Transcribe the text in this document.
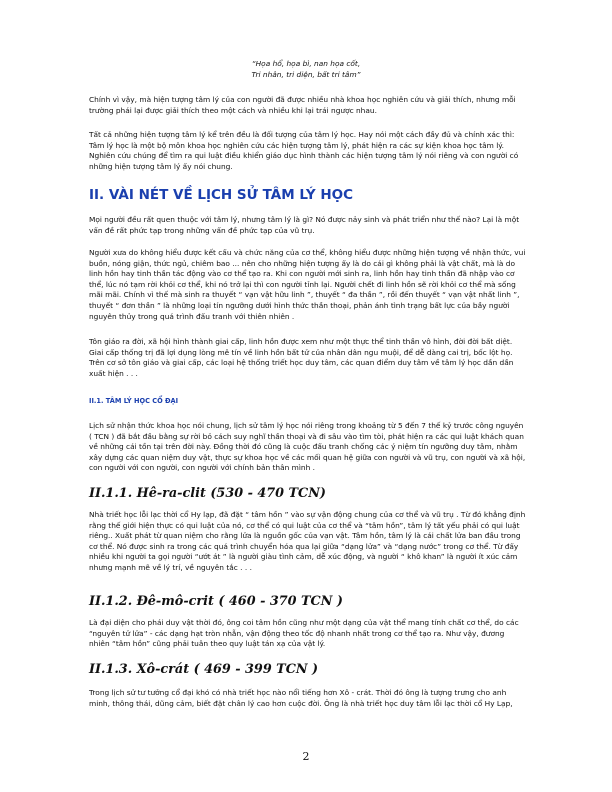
“Họa hổ, họa bì, nan họa cốt,
Tri nhân, tri diện, bất tri tâm”

Chính vì vậy, mà hiện tượng tâm lý của con người đã được nhiều nhà khoa học nghiên cứu và giải thích, nhưng mỗi trường phái lại được giải thích theo một cách và nhiều khi lại trái ngược nhau.

Tất cả những hiện tượng tâm lý kể trên đều là đối tượng của tâm lý học. Hay nói một cách đầy đủ và chính xác thì: Tâm lý học là một bộ môn khoa học nghiên cứu các hiện tượng tâm lý, phát hiện ra các sự kiện khoa học tâm lý. Nghiên cứu chúng để tìm ra qui luật điều khiển giáo dục hình thành các hiện tượng tâm lý nói riêng và con người có những hiện tượng tâm lý ấy nói chung.

II. VÀI NÉT VỀ LỊCH SỬ TÂM LÝ HỌC

Mọi người đều rất quen thuộc với tâm lý, nhưng tâm lý là gì? Nó được nảy sinh và phát triển như thế nào? Lại là một vấn đề rất phức tạp trong những vấn đề phức tạp của vũ trụ.

Người xưa do không hiểu được kết cấu và chức năng của cơ thể, không hiểu được những hiện tượng về nhận thức, vui buồn, nóng giận, thức ngủ, chiêm bao ... nên cho những hiện tượng ấy là do cái gì không phải là vật chất, mà là do linh hồn hay tinh thần tác động vào cơ thể tạo ra. Khi con người mới sinh ra, linh hồn hay tinh thần đã nhập vào cơ thể, lúc nó tạm rời khỏi cơ thể, khi nó trở lại thì con người tỉnh lại. Người chết đi linh hồn sẽ rời khỏi cơ thể mà sống mãi mãi. Chính vì thế mà sinh ra thuyết “ vạn vật hữu linh ”, thuyết “ đa thần ”, rồi đến thuyết “ vạn vật nhất linh ”, thuyết “ đơn thần ” là những loại tín ngưỡng dưới hình thức thần thoại, phản ánh tình trạng bất lực của bầy người nguyên thủy trong quá trình đấu tranh với thiên nhiên .

Tôn giáo ra đời, xã hội hình thành giai cấp, linh hồn được xem như một thực thể tinh thần vô hình, đời đời bất diệt. Giai cấp thống trị đã lợi dụng lòng mê tín về linh hồn bất tử của nhân dân ngu muội, để dễ dàng cai trị, bốc lột họ. Trên cơ sở tôn giáo và giai cấp, các loại hệ thống triết học duy tâm, các quan điểm duy tâm về tâm lý học dần dần xuất hiện . . .

II.1. TÂM LÝ HỌC CỔ ĐẠI

Lịch sử nhận thức khoa học nói chung, lịch sử tâm lý học nói riêng trong khoảng từ 5 đến 7 thế kỷ trước công nguyên ( TCN ) đã bắt đầu bằng sự rời bỏ cách suy nghĩ thần thoại và đi sâu vào tìm tòi, phát hiện ra các qui luật khách quan về những cái tồn tại trên đời này. Đồng thời đó cũng là cuộc đấu tranh chống các ý niệm tín ngưỡng duy tâm, nhằm xây dựng các quan niệm duy vật, thực sự khoa học về các mối quan hệ giữa con người và vũ trụ, con người và xã hội, con người với con người, con người với chính bản thân mình .

II.1.1. Hê-ra-clit (530 - 470 TCN)

Nhà triết học lỗi lạc thời cổ Hy lạp, đã đặt “ tâm hồn ” vào sự vận động chung của cơ thể và vũ trụ . Từ đó khẳng định rằng thế giới hiện thực có qui luật của nó, cơ thể có qui luật của cơ thể và “tâm hồn”, tâm lý tất yếu phải có qui luật riêng.. Xuất phát từ quan niệm cho rằng lửa là nguồn gốc của vạn vật. Tâm hồn, tâm lý là cái chất lửa ban đầu trong cơ thể. Nó được sinh ra trong các quá trình chuyển hóa qua lại giữa “dạng lửa” và “dạng nước” trong cơ thể. Từ đấy nhiều khi người ta gọi người “ướt át ” là người giàu tình cảm, dễ xúc động, và người “ khô khan” là người ít xúc cảm nhưng mạnh mẽ về lý trí, về nguyên tắc . . .

II.1.2. Đê-mô-crit ( 460 - 370 TCN )

Là đại diện cho phái duy vật thời đó, ông coi tâm hồn cũng như một dạng của vật thể mang tính chất cơ thể, do các “nguyên tử lửa” - các dạng hạt tròn nhẵn, vận động theo tốc độ nhanh nhất trong cơ thể tạo ra. Như vậy, đương nhiên “tâm hồn” cũng phải tuân theo quy luật tán xạ của vật lý.

II.1.3. Xô-crát ( 469 - 399 TCN )

Trong lịch sử tư tưởng cổ đại khó có nhà triết học nào nổi tiếng hơn Xô - crát. Thời đó ông là tượng trưng cho anh minh, thông thái, dũng cảm, biết đặt chân lý cao hơn cuộc đời. Ông là nhà triết học duy tâm lỗi lạc thời cổ Hy Lạp,

2
